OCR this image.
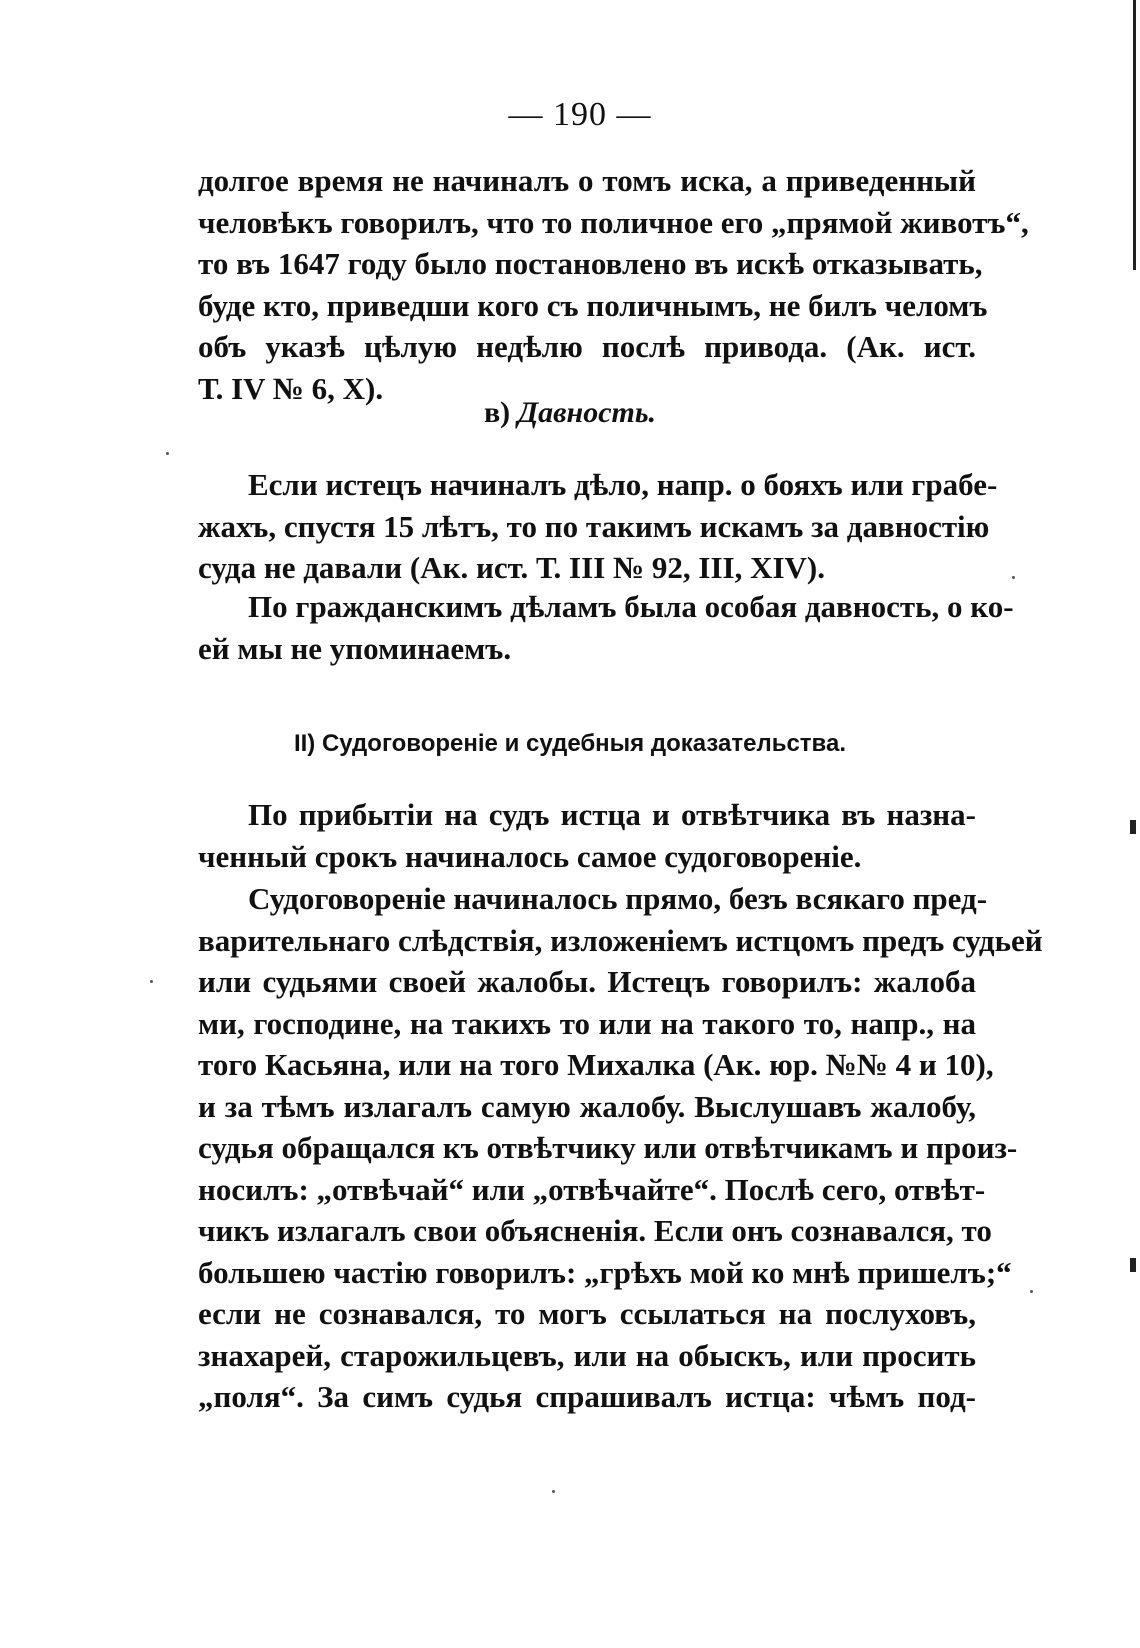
— 190 —
долгое время не начиналъ о томъ иска, а приведенный
человѣкъ говорилъ, что то поличное его „прямой животъ“,
то въ 1647 году было постановлено въ искѣ отказывать,
буде кто, приведши кого съ поличнымъ, не билъ челомъ
объ указѣ цѣлую недѣлю послѣ привода. (Ак. ист.
Т. IV № 6, X).
в) Давность.
Если истецъ начиналъ дѣло, напр. о бояхъ или грабе-
жахъ, спустя 15 лѣтъ, то по такимъ искамъ за давностію
суда не давали (Ак. ист. Т. III № 92, III, XIV).
По гражданскимъ дѣламъ была особая давность, о ко-
ей мы не упоминаемъ.
II) Судоговореніе и судебныя доказательства.
По прибытіи на судъ истца и отвѣтчика въ назна-
ченный срокъ начиналось самое судоговореніе.
Судоговореніе начиналось прямо, безъ всякаго пред-
варительнаго слѣдствія, изложеніемъ истцомъ предъ судьей
или судьями своей жалобы. Истецъ говорилъ: жалоба
ми, господине, на такихъ то или на такого то, напр., на
того Касьяна, или на того Михалка (Ак. юр. №№ 4 и 10),
и за тѣмъ излагалъ самую жалобу. Выслушавъ жалобу,
судья обращался къ отвѣтчику или отвѣтчикамъ и произ-
носилъ: „отвѣчай“ или „отвѣчайте“. Послѣ сего, отвѣт-
чикъ излагалъ свои объясненія. Если онъ сознавался, то
большею частію говорилъ: „грѣхъ мой ко мнѣ пришелъ;“
если не сознавался, то могъ ссылаться на послуховъ,
знахарей, старожильцевъ, или на обыскъ, или просить
„поля“. За симъ судья спрашивалъ истца: чѣмъ под-
